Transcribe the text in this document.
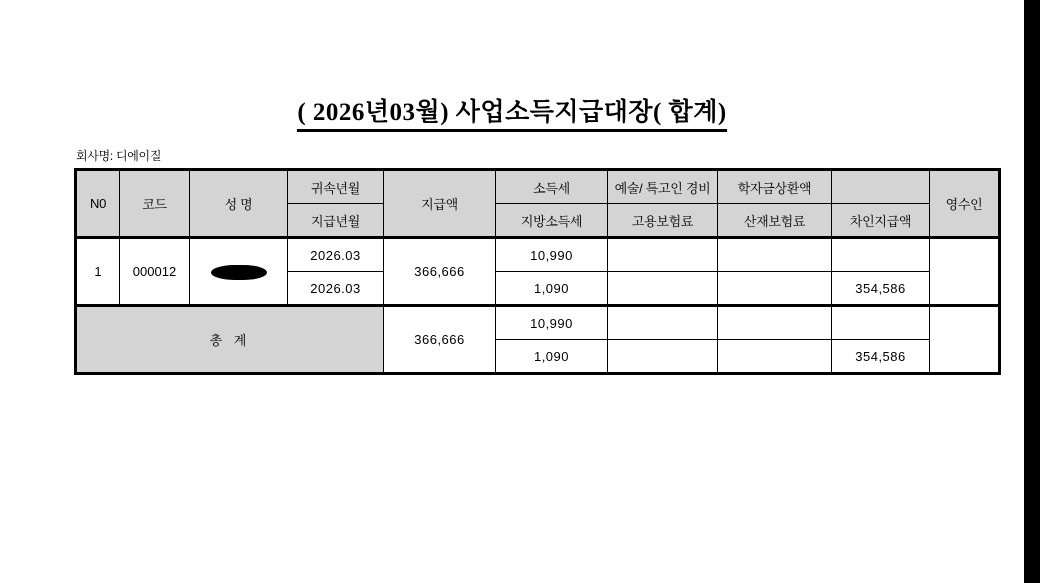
( 2026년03월) 사업소득지급대장( 합계)
회사명: 디에이질
N0	코드	성 명	귀속년월	지급액	소득세	예술/ 특고인 경비	학자금상환액		영수인
			지급년월		지방소득세	고용보험료	산재보험료	차인지급액	
1	000012		2026.03	366,666	10,990				
			2026.03		1,090			354,586	
총 계				366,666	10,990				
					1,090			354,586	
